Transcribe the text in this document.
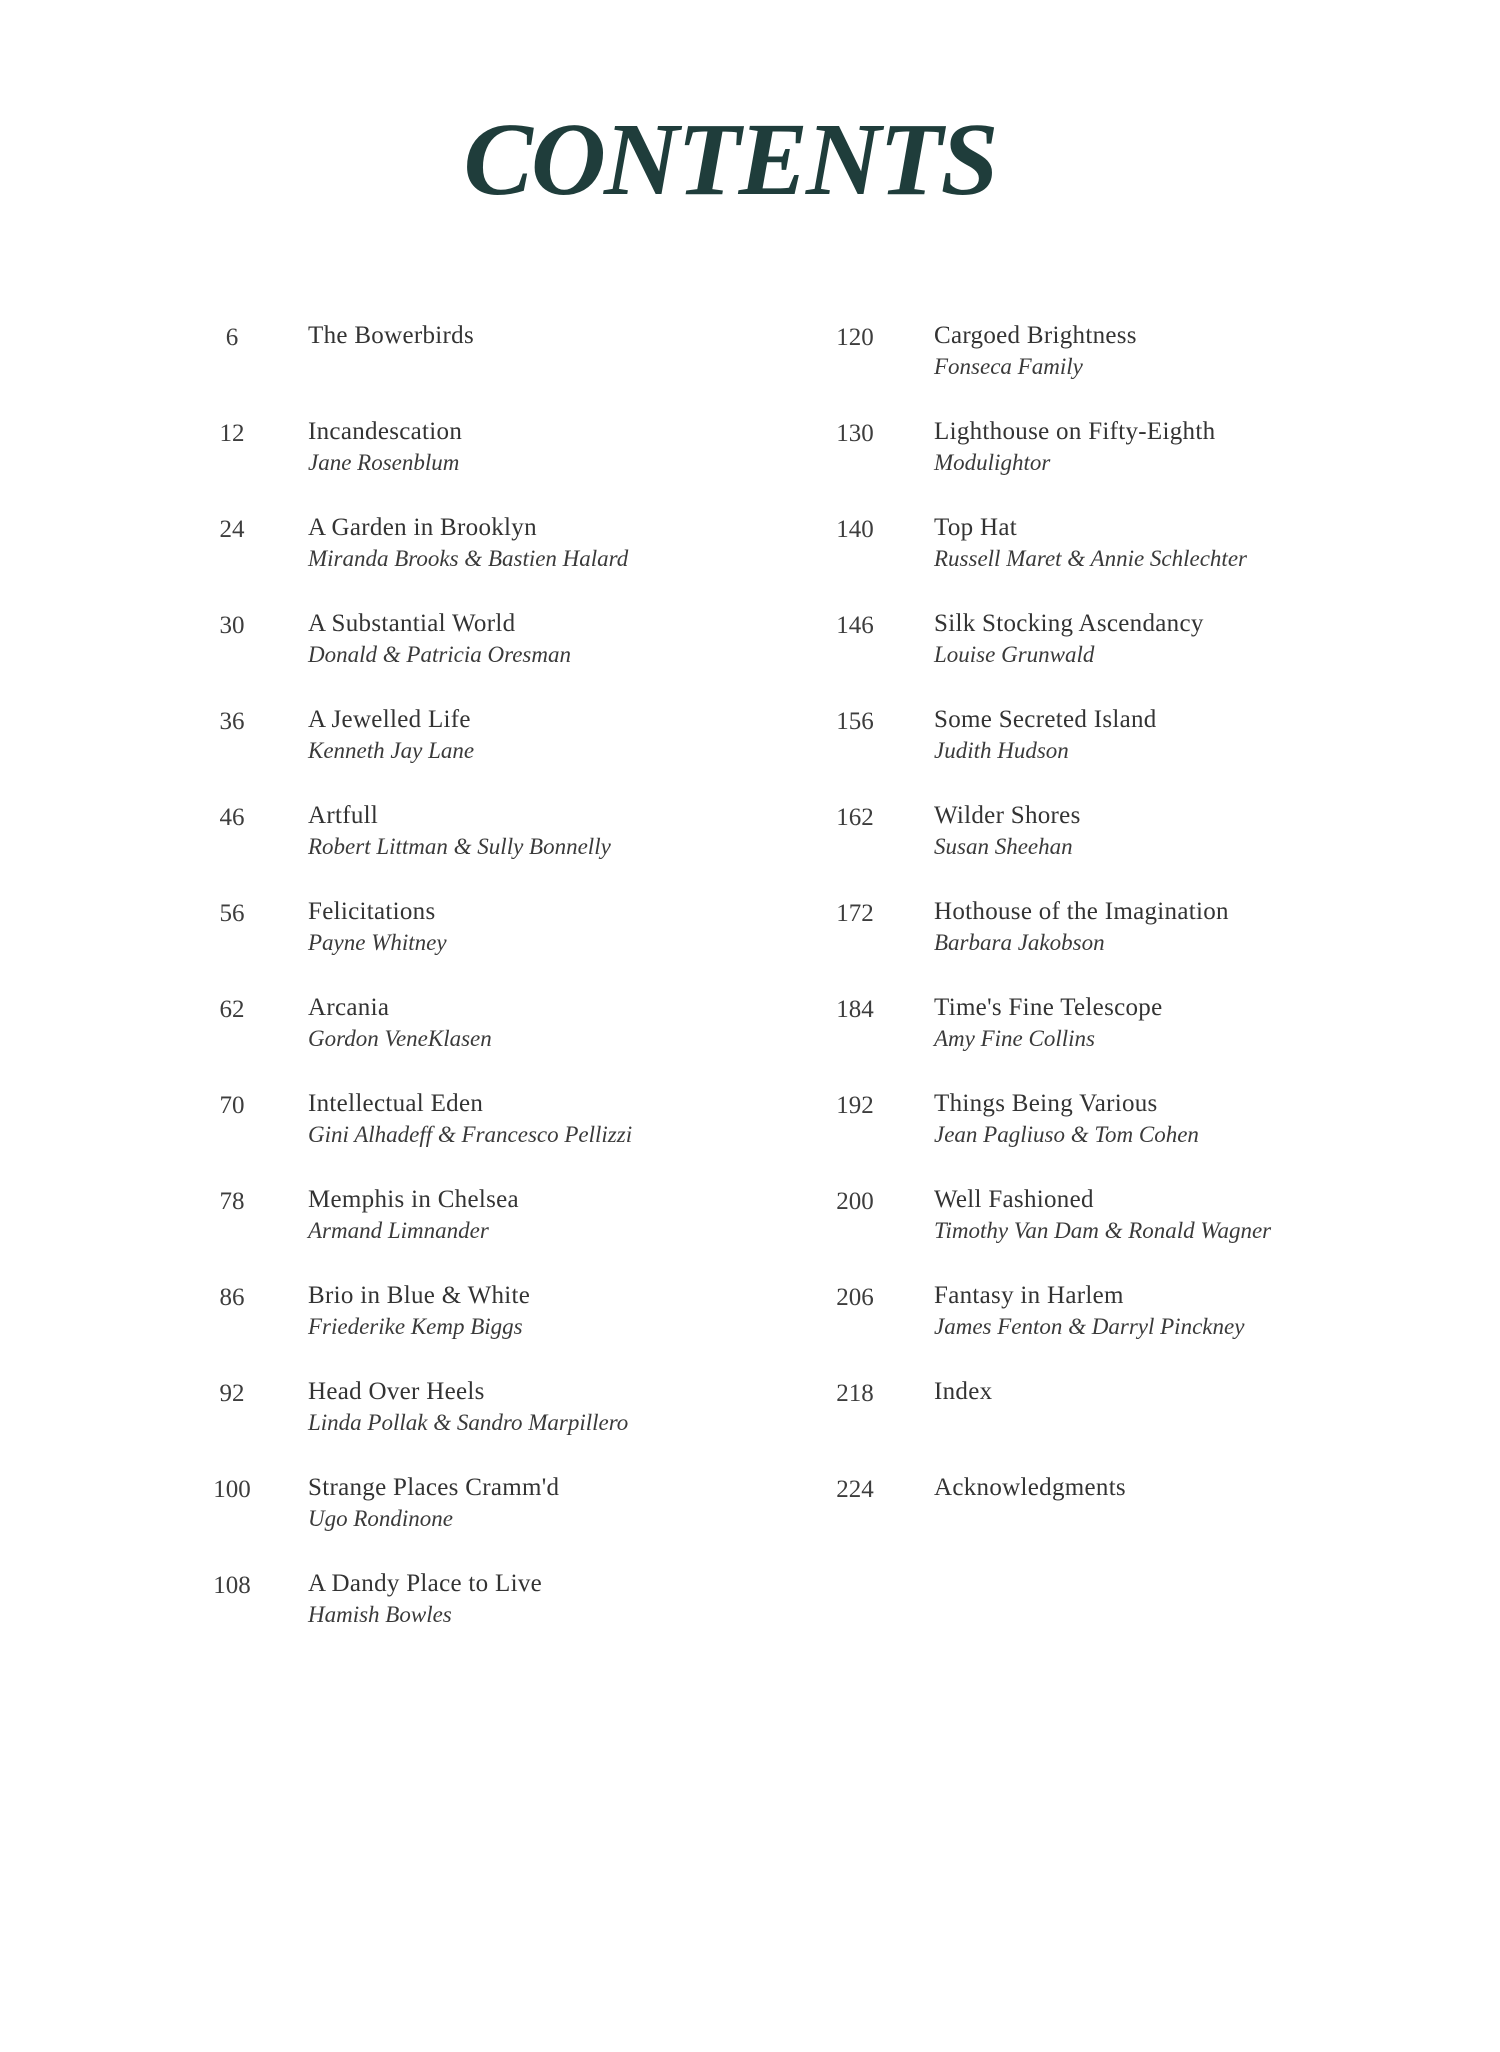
CONTENTS
6	The Bowerbirds
12	Incandescation
Jane Rosenblum
24	A Garden in Brooklyn
Miranda Brooks & Bastien Halard
30	A Substantial World
Donald & Patricia Oresman
36	A Jewelled Life
Kenneth Jay Lane
46	Artfull
Robert Littman & Sully Bonnelly
56	Felicitations
Payne Whitney
62	Arcania
Gordon VeneKlasen
70	Intellectual Eden
Gini Alhadeff & Francesco Pellizzi
78	Memphis in Chelsea
Armand Limnander
86	Brio in Blue & White
Friederike Kemp Biggs
92	Head Over Heels
Linda Pollak & Sandro Marpillero
100	Strange Places Cramm'd
Ugo Rondinone
108	A Dandy Place to Live
Hamish Bowles
120	Cargoed Brightness
Fonseca Family
130	Lighthouse on Fifty-Eighth
Modulightor
140	Top Hat
Russell Maret & Annie Schlechter
146	Silk Stocking Ascendancy
Louise Grunwald
156	Some Secreted Island
Judith Hudson
162	Wilder Shores
Susan Sheehan
172	Hothouse of the Imagination
Barbara Jakobson
184	Time's Fine Telescope
Amy Fine Collins
192	Things Being Various
Jean Pagliuso & Tom Cohen
200	Well Fashioned
Timothy Van Dam & Ronald Wagner
206	Fantasy in Harlem
James Fenton & Darryl Pinckney
218	Index
224	Acknowledgments
